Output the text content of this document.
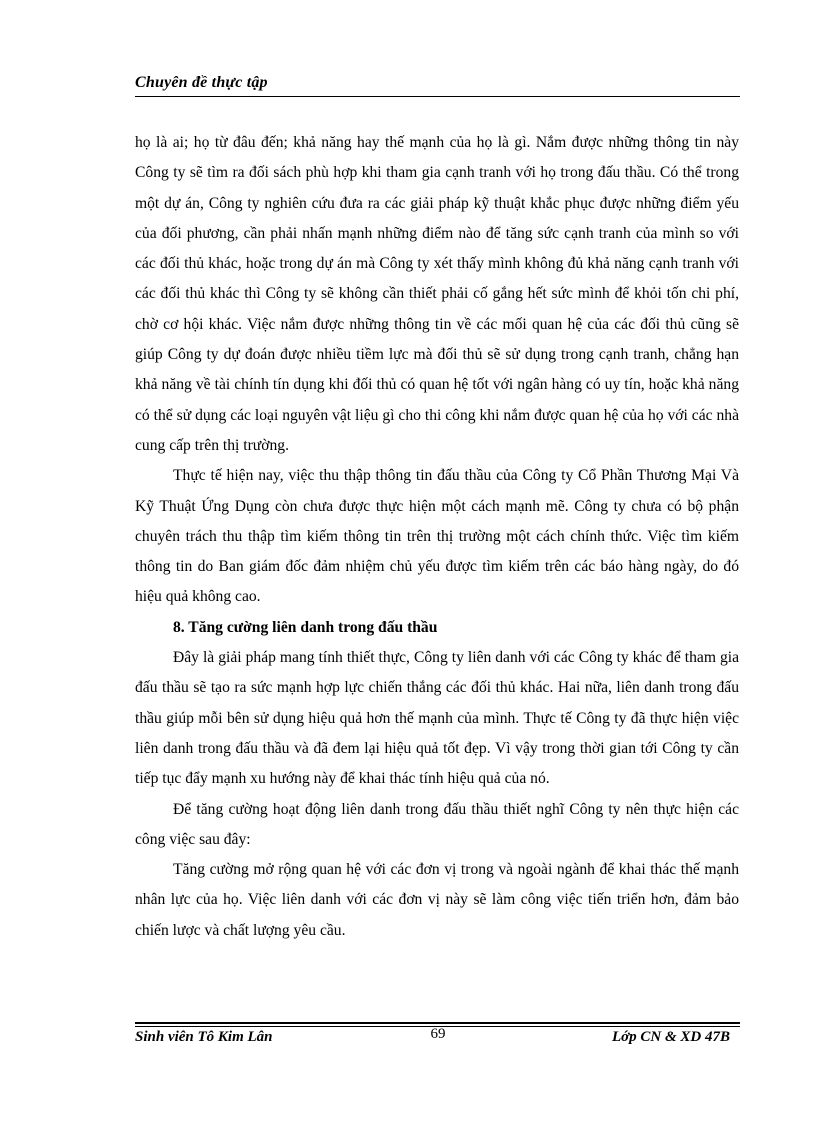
Chuyên đề thực tập

họ là ai; họ từ đâu đến; khả năng hay thế mạnh của họ là gì. Nắm được những thông tin này Công ty sẽ tìm ra đối sách phù hợp khi tham gia cạnh tranh với họ trong đấu thầu. Có thể trong một dự án, Công ty nghiên cứu đưa ra các giải pháp kỹ thuật khắc phục được những điểm yếu của đối phương, cần phải nhấn mạnh những điểm nào để tăng sức cạnh tranh của mình so với các đối thủ khác, hoặc trong dự án mà Công ty xét thấy mình không đủ khả năng cạnh tranh với các đối thủ khác thì Công ty sẽ không cần thiết phải cố gắng hết sức mình để khỏi tốn chi phí, chờ cơ hội khác. Việc nắm được những thông tin về các mối quan hệ của các đối thủ cũng sẽ giúp Công ty dự đoán được nhiều tiềm lực mà đối thủ sẽ sử dụng trong cạnh tranh, chẳng hạn khả năng về tài chính tín dụng khi đối thủ có quan hệ tốt với ngân hàng có uy tín, hoặc khả năng có thể sử dụng các loại nguyên vật liệu gì cho thi công khi nắm được quan hệ của họ với các nhà cung cấp trên thị trường.

Thực tế hiện nay, việc thu thập thông tin đấu thầu của Công ty Cổ Phần Thương Mại Và Kỹ Thuật Ứng Dụng còn chưa được thực hiện một cách mạnh mẽ. Công ty chưa có bộ phận chuyên trách thu thập tìm kiếm thông tin trên thị trường một cách chính thức. Việc tìm kiếm thông tin do Ban giám đốc đảm nhiệm chủ yếu được tìm kiếm trên các báo hàng ngày, do đó hiệu quả không cao.

8. Tăng cường liên danh trong đấu thầu

Đây là giải pháp mang tính thiết thực, Công ty liên danh với các Công ty khác để tham gia đấu thầu sẽ tạo ra sức mạnh hợp lực chiến thắng các đối thủ khác. Hai nữa, liên danh trong đấu thầu giúp mỗi bên sử dụng hiệu quả hơn thế mạnh của mình. Thực tế Công ty đã thực hiện việc liên danh trong đấu thầu và đã đem lại hiệu quả tốt đẹp. Vì vậy trong thời gian tới Công ty cần tiếp tục đẩy mạnh xu hướng này để khai thác tính hiệu quả của nó.

Để tăng cường hoạt động liên danh trong đấu thầu thiết nghĩ Công ty nên thực hiện các công việc sau đây:

Tăng cường mở rộng quan hệ với các đơn vị trong và ngoài ngành để khai thác thế mạnh nhân lực của họ. Việc liên danh với các đơn vị này sẽ làm công việc tiến triển hơn, đảm bảo chiến lược và chất lượng yêu cầu.

Sinh viên Tô Kim Lân	69	Lớp CN & XD 47B
